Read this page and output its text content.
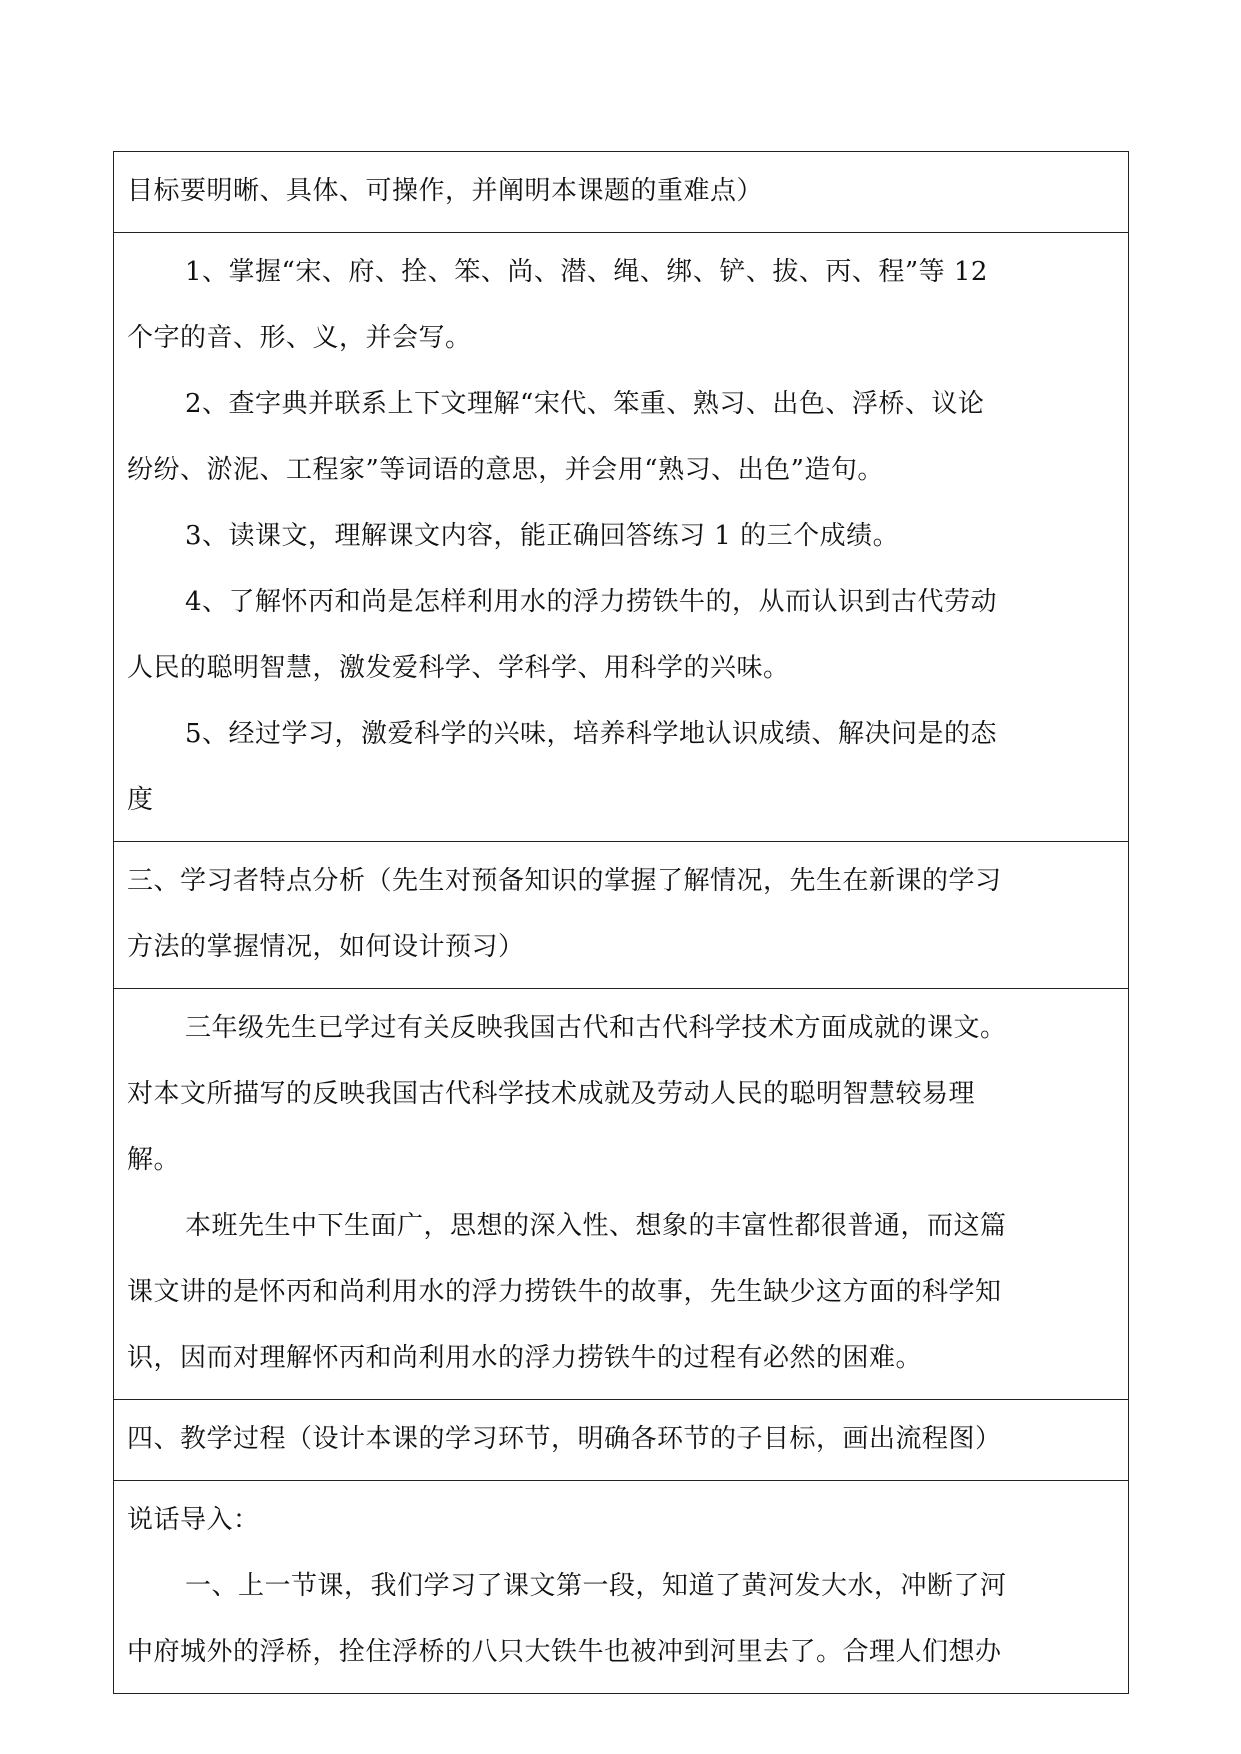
目标要明晰、具体、可操作，并阐明本课题的重难点）

1、掌握“宋、府、拴、笨、尚、潜、绳、绑、铲、拔、丙、程”等 12

个字的音、形、义，并会写。

2、查字典并联系上下文理解“宋代、笨重、熟习、出色、浮桥、议论

纷纷、淤泥、工程家”等词语的意思，并会用“熟习、出色”造句。

3、读课文，理解课文内容，能正确回答练习 1 的三个成绩。

4、了解怀丙和尚是怎样利用水的浮力捞铁牛的，从而认识到古代劳动

人民的聪明智慧，激发爱科学、学科学、用科学的兴味。

5、经过学习，激爱科学的兴味，培养科学地认识成绩、解决问是的态

度

三、学习者特点分析（先生对预备知识的掌握了解情况，先生在新课的学习

方法的掌握情况，如何设计预习）

三年级先生已学过有关反映我国古代和古代科学技术方面成就的课文。

对本文所描写的反映我国古代科学技术成就及劳动人民的聪明智慧较易理

解。

本班先生中下生面广，思想的深入性、想象的丰富性都很普通，而这篇

课文讲的是怀丙和尚利用水的浮力捞铁牛的故事，先生缺少这方面的科学知

识，因而对理解怀丙和尚利用水的浮力捞铁牛的过程有必然的困难。

四、教学过程（设计本课的学习环节，明确各环节的子目标，画出流程图）

说话导入：

一、上一节课，我们学习了课文第一段，知道了黄河发大水，冲断了河

中府城外的浮桥，拴住浮桥的八只大铁牛也被冲到河里去了。合理人们想办
